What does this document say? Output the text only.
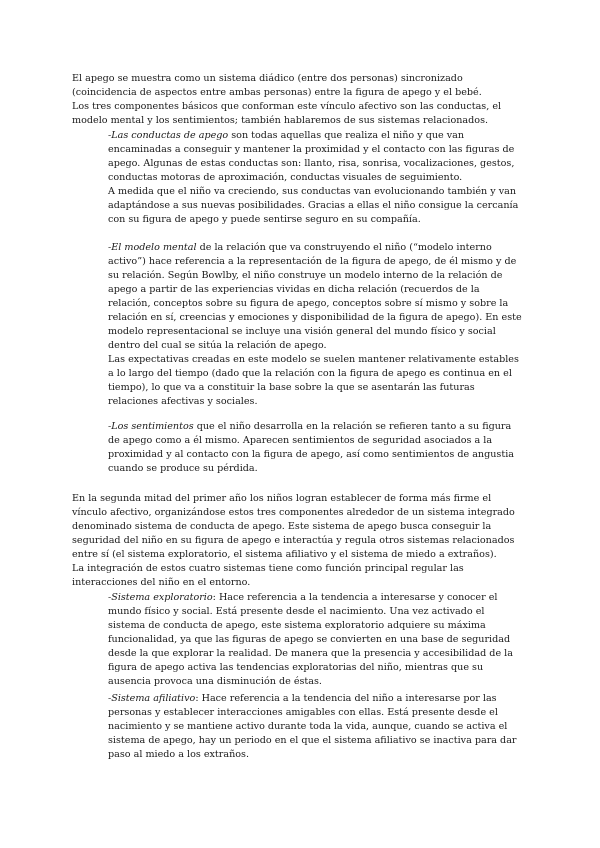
El apego se muestra como un sistema diádico (entre dos personas) sincronizado (coincidencia de aspectos entre ambas personas) entre la figura de apego y el bebé.

Los tres componentes básicos que conforman este vínculo afectivo son las conductas, el modelo mental y los sentimientos; también hablaremos de sus sistemas relacionados.

-Las conductas de apego son todas aquellas que realiza el niño y que van encaminadas a conseguir y mantener la proximidad y el contacto con las figuras de apego. Algunas de estas conductas son: llanto, risa, sonrisa, vocalizaciones, gestos, conductas motoras de aproximación, conductas visuales de seguimiento.

A medida que el niño va creciendo, sus conductas van evolucionando también y van adaptándose a sus nuevas posibilidades. Gracias a ellas el niño consigue la cercanía con su figura de apego y puede sentirse seguro en su compañía.

-El modelo mental de la relación que va construyendo el niño (“modelo interno activo”) hace referencia a la representación de la figura de apego, de él mismo y de su relación. Según Bowlby, el niño construye un modelo interno de la relación de apego a partir de las experiencias vividas en dicha relación (recuerdos de la relación, conceptos sobre su figura de apego, conceptos sobre sí mismo y sobre la relación en sí, creencias y emociones y disponibilidad de la figura de apego). En este modelo representacional se incluye una visión general del mundo físico y social dentro del cual se sitúa la relación de apego.

Las expectativas creadas en este modelo se suelen mantener relativamente estables a lo largo del tiempo (dado que la relación con la figura de apego es continua en el tiempo), lo que va a constituir la base sobre la que se asentarán las futuras relaciones afectivas y sociales.

-Los sentimientos que el niño desarrolla en la relación se refieren tanto a su figura de apego como a él mismo. Aparecen sentimientos de seguridad asociados a la proximidad y al contacto con la figura de apego, así como sentimientos de angustia cuando se produce su pérdida.

En la segunda mitad del primer año los niños logran establecer de forma más firme el vínculo afectivo, organizándose estos tres componentes alrededor de un sistema integrado denominado sistema de conducta de apego. Este sistema de apego busca conseguir la seguridad del niño en su figura de apego e interactúa y regula otros sistemas relacionados entre sí (el sistema exploratorio, el sistema afiliativo y el sistema de miedo a extraños).

La integración de estos cuatro sistemas tiene como función principal regular las interacciones del niño en el entorno.

-Sistema exploratorio: Hace referencia a la tendencia a interesarse y conocer el mundo físico y social. Está presente desde el nacimiento. Una vez activado el sistema de conducta de apego, este sistema exploratorio adquiere su máxima funcionalidad, ya que las figuras de apego se convierten en una base de seguridad desde la que explorar la realidad. De manera que la presencia y accesibilidad de la figura de apego activa las tendencias exploratorias del niño, mientras que su ausencia provoca una disminución de éstas.

-Sistema afiliativo: Hace referencia a la tendencia del niño a interesarse por las personas y establecer interacciones amigables con ellas. Está presente desde el nacimiento y se mantiene activo durante toda la vida, aunque, cuando se activa el sistema de apego, hay un periodo en el que el sistema afiliativo se inactiva para dar paso al miedo a los extraños.
